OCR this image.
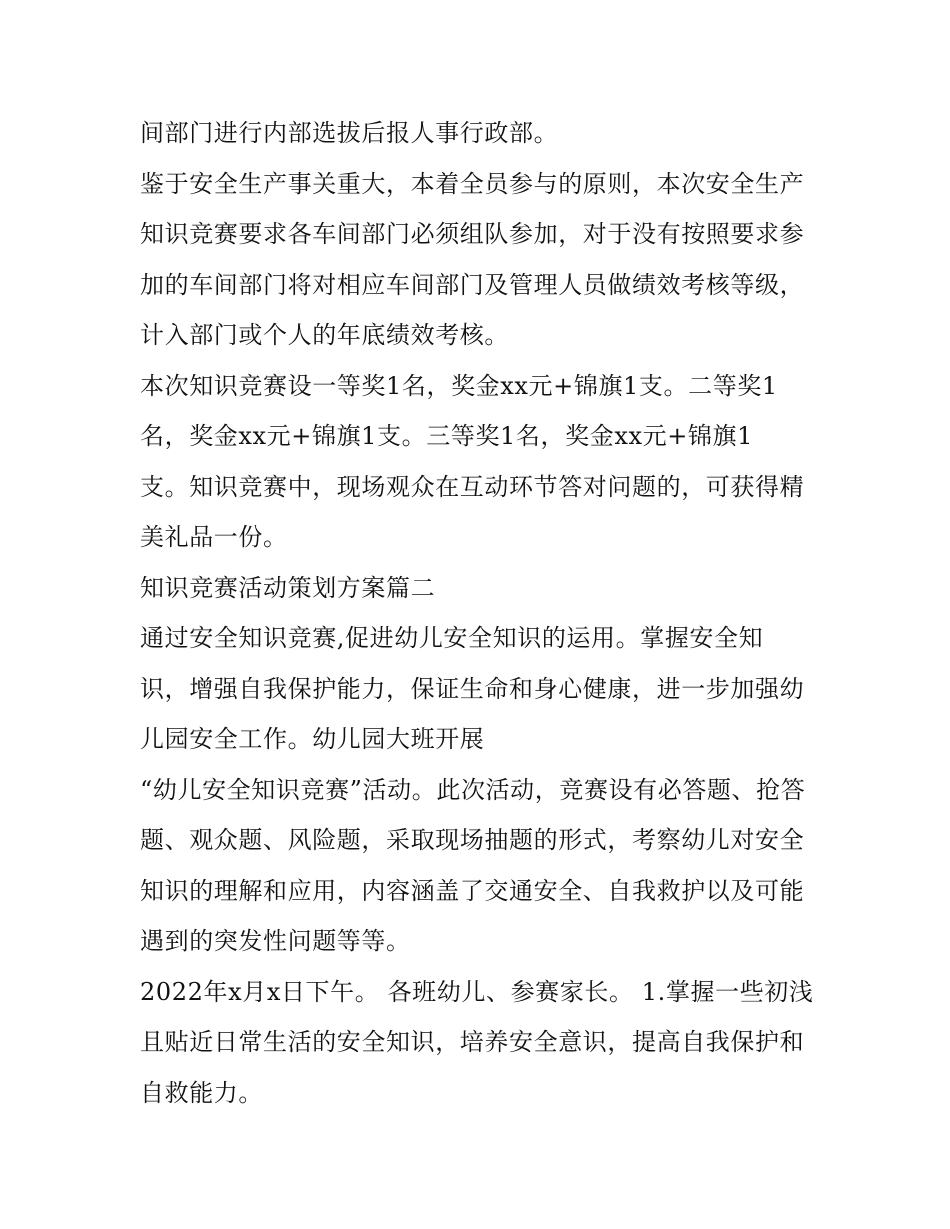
间部门进行内部选拔后报人事行政部。
鉴于安全生产事关重大，本着全员参与的原则，本次安全生产
知识竞赛要求各车间部门必须组队参加，对于没有按照要求参
加的车间部门将对相应车间部门及管理人员做绩效考核等级，
计入部门或个人的年底绩效考核。
本次知识竞赛设一等奖1名，奖金xx元+锦旗1支。二等奖1
名，奖金xx元+锦旗1支。三等奖1名，奖金xx元+锦旗1
支。知识竞赛中，现场观众在互动环节答对问题的，可获得精
美礼品一份。
知识竞赛活动策划方案篇二
通过安全知识竞赛,促进幼儿安全知识的运用。掌握安全知
识，增强自我保护能力，保证生命和身心健康，进一步加强幼
儿园安全工作。幼儿园大班开展
“幼儿安全知识竞赛”活动。此次活动，竞赛设有必答题、抢答
题、观众题、风险题，采取现场抽题的形式，考察幼儿对安全
知识的理解和应用，内容涵盖了交通安全、自我救护以及可能
遇到的突发性问题等等。
2022年x月x日下午。 各班幼儿、参赛家长。 1.掌握一些初浅
且贴近日常生活的安全知识，培养安全意识，提高自我保护和
自救能力。
